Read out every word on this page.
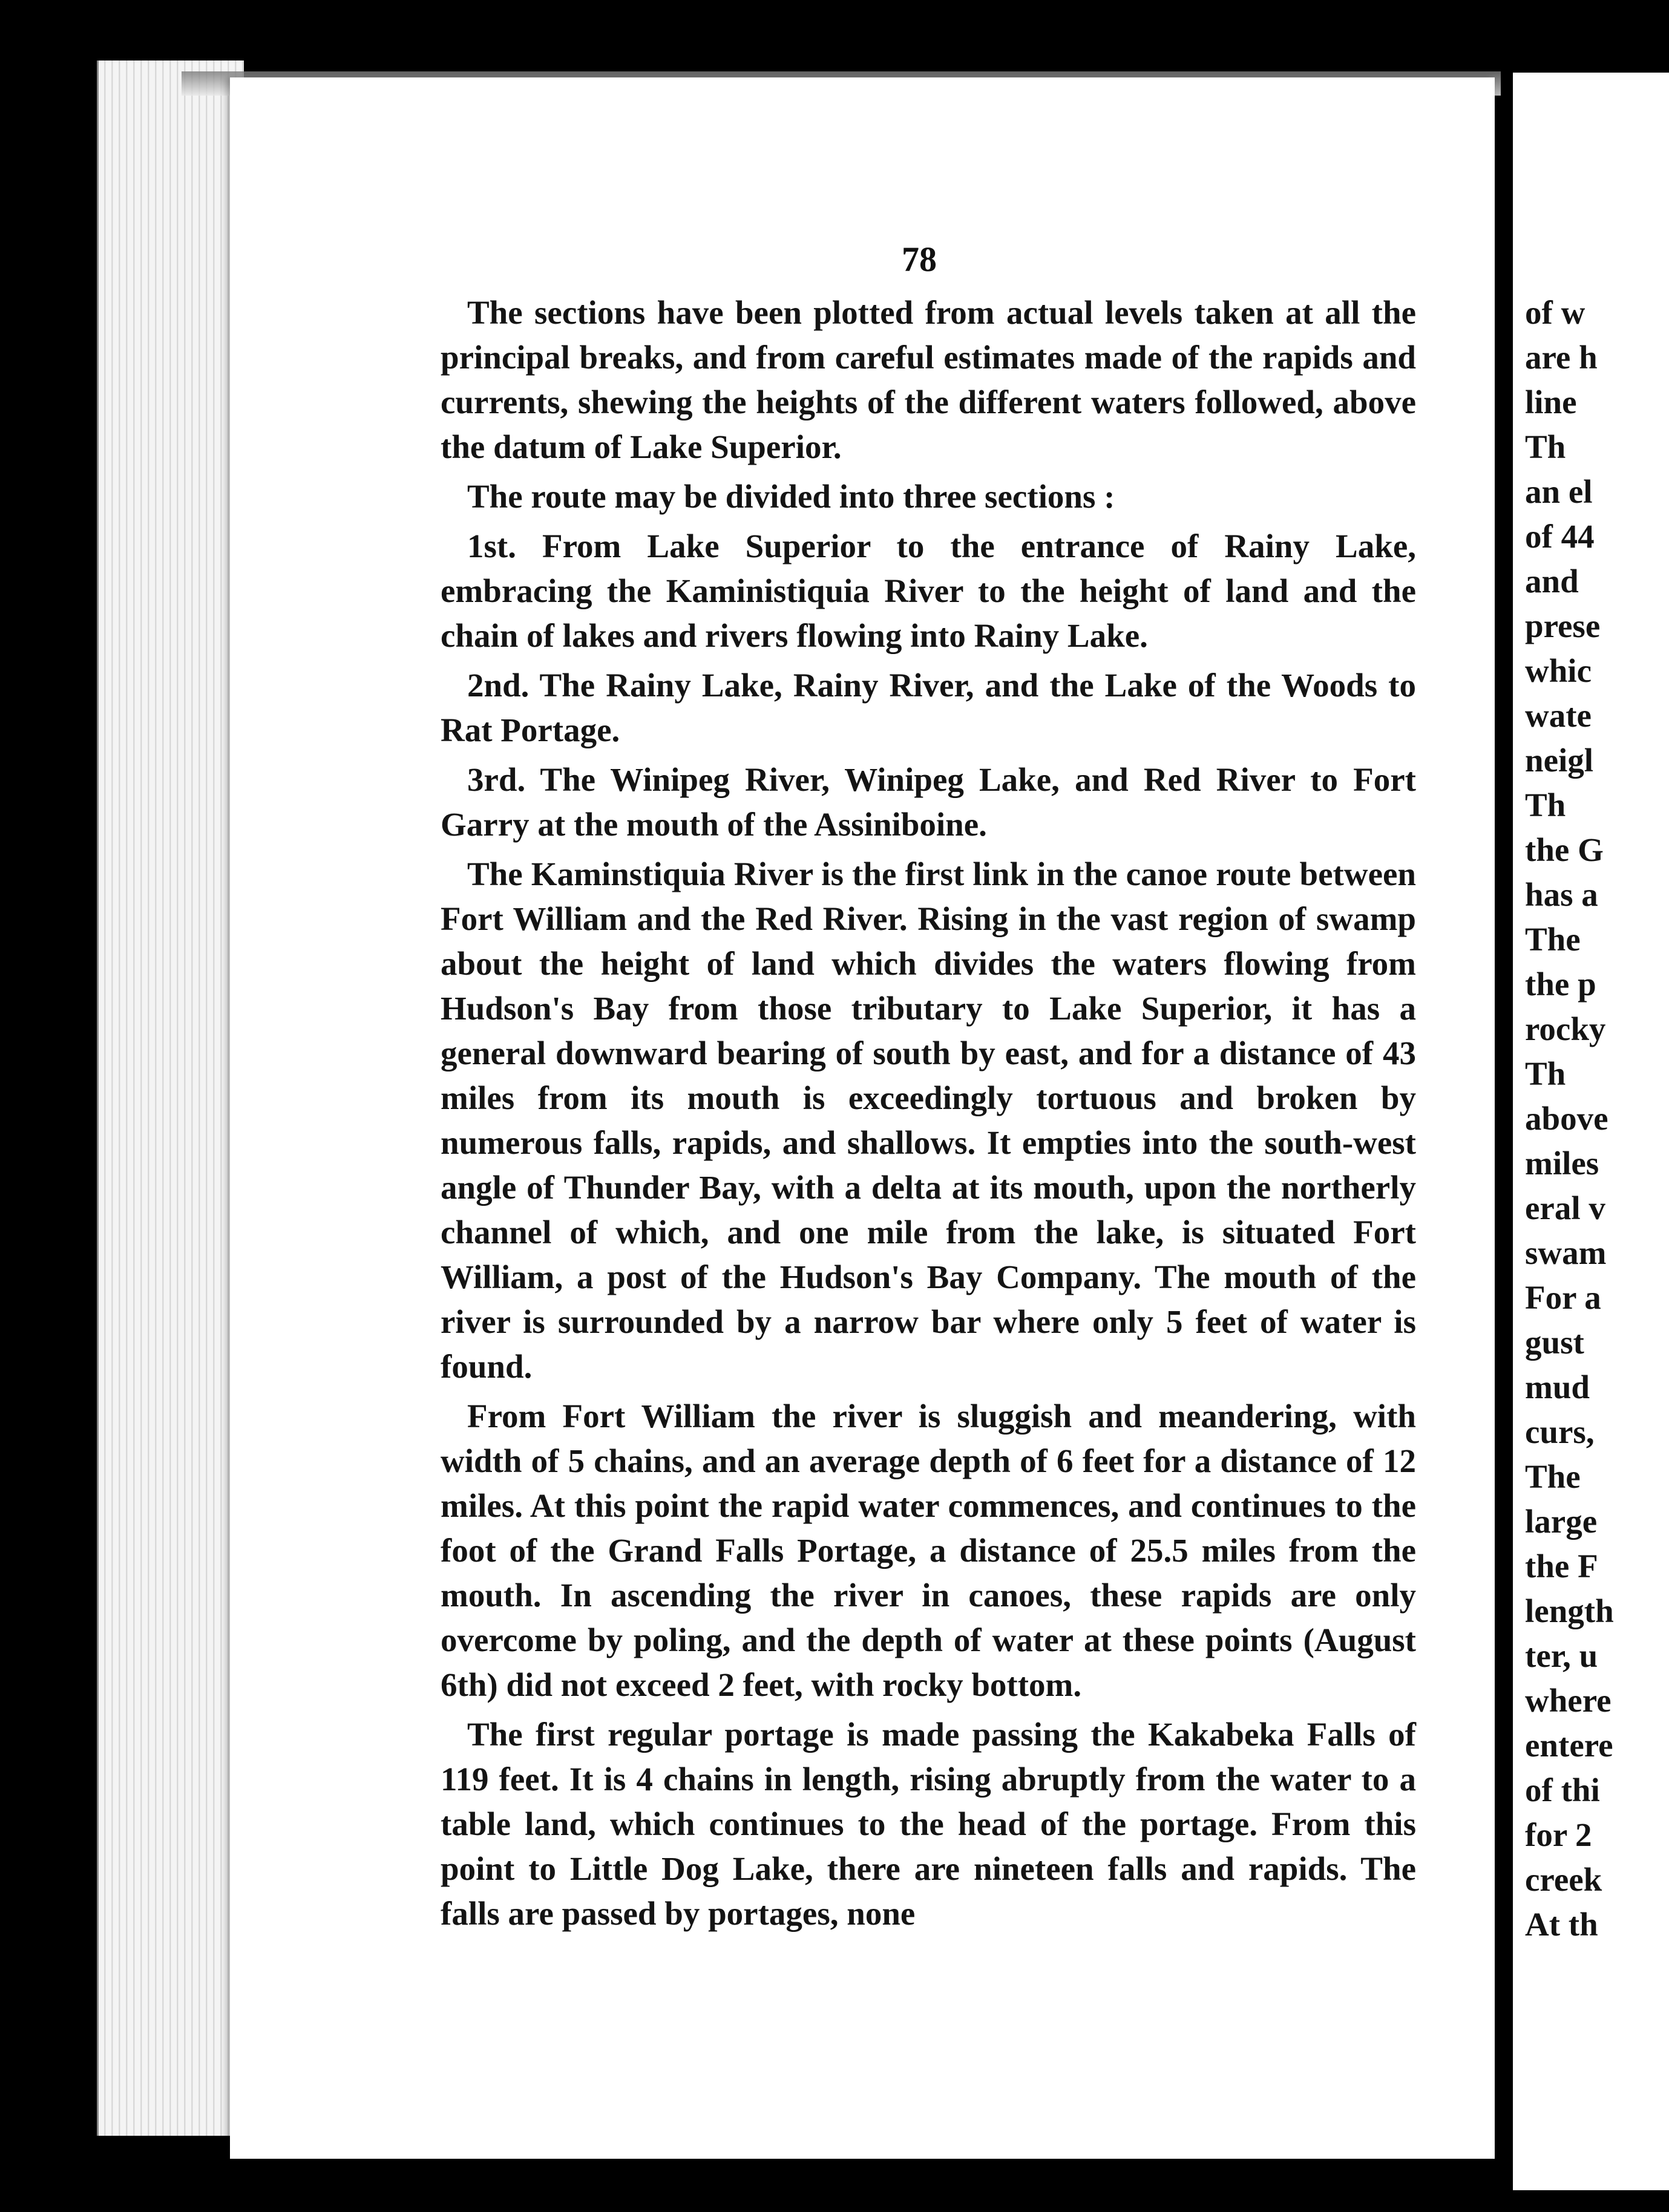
78

The sections have been plotted from actual levels taken at all the principal breaks, and from careful estimates made of the rapids and currents, shewing the heights of the different waters followed, above the datum of Lake Superior.

The route may be divided into three sections :

1st. From Lake Superior to the entrance of Rainy Lake, embracing the Kaministiquia River to the height of land and the chain of lakes and rivers flowing into Rainy Lake.

2nd. The Rainy Lake, Rainy River, and the Lake of the Woods to Rat Portage.

3rd. The Winipeg River, Winipeg Lake, and Red River to Fort Garry at the mouth of the Assiniboine.

The Kaminstiquia River is the first link in the canoe route between Fort William and the Red River. Rising in the vast region of swamp about the height of land which divides the waters flowing from Hudson's Bay from those tributary to Lake Superior, it has a general downward bearing of south by east, and for a distance of 43 miles from its mouth is exceedingly tortuous and broken by numerous falls, rapids, and shallows. It empties into the south-west angle of Thunder Bay, with a delta at its mouth, upon the northerly channel of which, and one mile from the lake, is situated Fort William, a post of the Hudson's Bay Company. The mouth of the river is surrounded by a narrow bar where only 5 feet of water is found.

From Fort William the river is sluggish and meandering, with width of 5 chains, and an average depth of 6 feet for a distance of 12 miles. At this point the rapid water commences, and continues to the foot of the Grand Falls Portage, a distance of 25.5 miles from the mouth. In ascending the river in canoes, these rapids are only overcome by poling, and the depth of water at these points (August 6th) did not exceed 2 feet, with rocky bottom.

The first regular portage is made passing the Kakabeka Falls of 119 feet. It is 4 chains in length, rising abruptly from the water to a table land, which continues to the head of the portage. From this point to Little Dog Lake, there are nineteen falls and rapids. The falls are passed by portages, none

of w
are h
line
Th
an el
of 44
and
prese
whic
wate
neigl
Th
the G
has a
The
the p
rocky
Th
above
miles
eral v
swam
For a
gust
mud
curs,
The
large
the F
length
ter, u
where
entere
of thi
for 2
creek
At th
